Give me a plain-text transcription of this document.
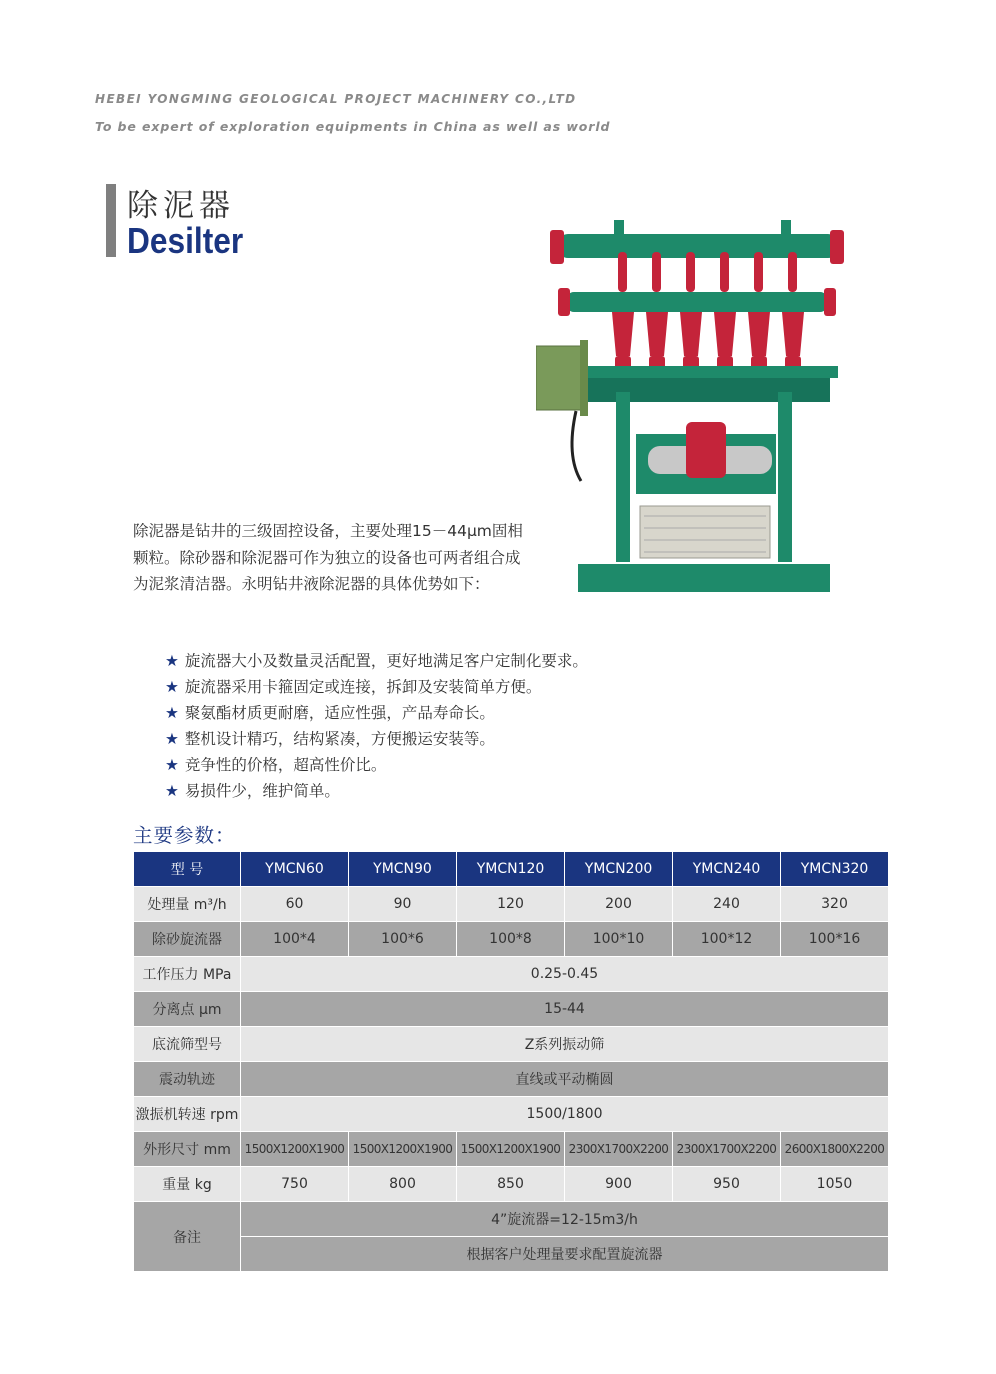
HEBEI YONGMING GEOLOGICAL PROJECT MACHINERY CO.,LTD
To be expert of exploration equipments in China as well as world
除泥器
Desilter
除泥器是钻井的三级固控设备，主要处理15－44μm固相颗粒。除砂器和除泥器可作为独立的设备也可两者组合成为泥浆清洁器。永明钻井液除泥器的具体优势如下：
★ 旋流器大小及数量灵活配置，更好地满足客户定制化要求。
★ 旋流器采用卡箍固定或连接，拆卸及安装简单方便。
★ 聚氨酯材质更耐磨，适应性强，产品寿命长。
★ 整机设计精巧，结构紧凑，方便搬运安装等。
★ 竞争性的价格，超高性价比。
★ 易损件少，维护简单。
主要参数：
型 号	YMCN60	YMCN90	YMCN120	YMCN200	YMCN240	YMCN320
处理量 m³/h	60	90	120	200	240	320
除砂旋流器	100*4	100*6	100*8	100*10	100*12	100*16
工作压力 MPa	0.25-0.45					
分离点 μm	15-44					
底流筛型号	Z系列振动筛					
震动轨迹	直线或平动椭圆					
激振机转速 rpm	1500/1800					
外形尺寸 mm	1500X1200X1900	1500X1200X1900	1500X1200X1900	2300X1700X2200	2300X1700X2200	2600X1800X2200
重量 kg	750	800	850	900	950	1050
备注	4”旋流器=12-15m3/h					
	根据客户处理量要求配置旋流器					
